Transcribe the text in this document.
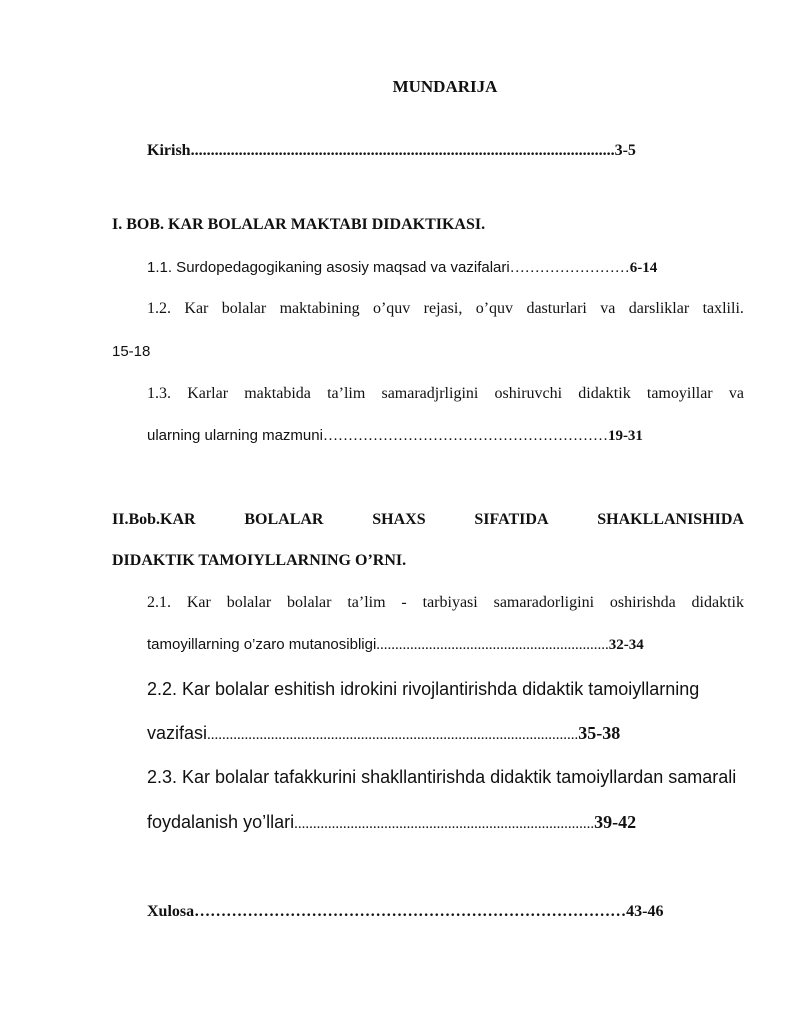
MUNDARIJA
Kirish..........................................................................................................3-5
I. BOB. KAR BOLALAR MAKTABI DIDAKTIKASI.
1.1. Surdopedagogikaning asosiy maqsad va vazifalari……………………6-14
1.2. Kar bolalar maktabining o’quv rejasi, o’quv dasturlari va darsliklar taxlili.
15-18
1.3. Karlar maktabida ta’lim samaradjrligini oshiruvchi didaktik tamoyillar va
ularning ularning mazmuni…………………………………………………19-31
II.Bob.KAR	BOLALAR	SHAXS	SIFATIDA	SHAKLLANISHIDA
DIDAKTIK TAMOIYLLARNING O’RNI.
2.1. Kar bolalar bolalar ta’lim - tarbiyasi samaradorligini oshirishda didaktik
tamoyillarning o’zaro mutanosibligi..............................................................32-34
2.2. Kar bolalar eshitish idrokini rivojlantirishda didaktik tamoiyllarning
vazifasi...................................................................................................35-38
2.3. Kar bolalar tafakkurini shakllantirishda didaktik tamoiyllardan samarali
foydalanish yo’llari................................................................................39-42
Xulosa………………………………………………………………………43-46
